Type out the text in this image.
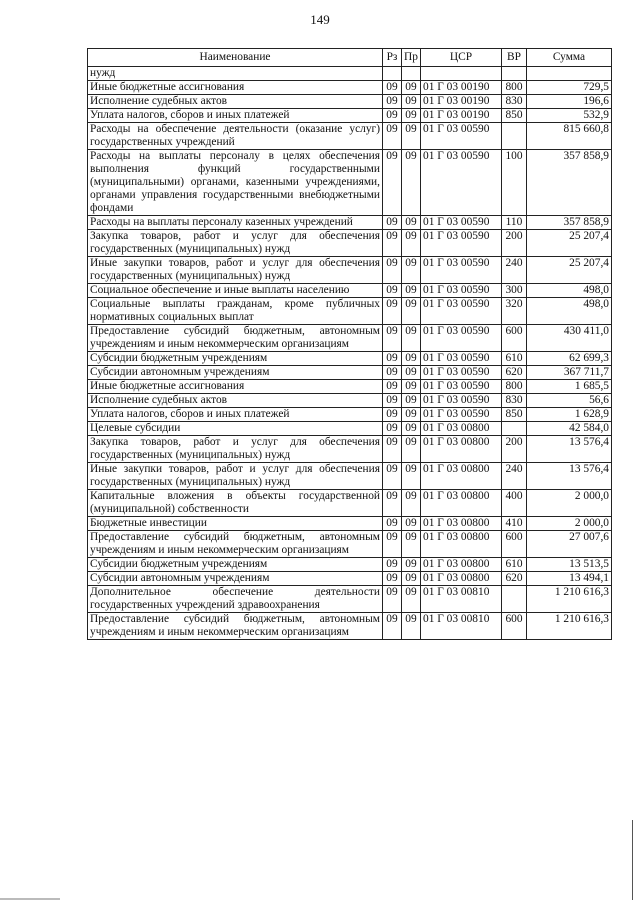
149
Наименование	Рз	Пр	ЦСР	ВР	Сумма
нужд					
Иные бюджетные ассигнования	09	09	01 Г 03 00190	800	729,5
Исполнение судебных актов	09	09	01 Г 03 00190	830	196,6
Уплата налогов, сборов и иных платежей	09	09	01 Г 03 00190	850	532,9
Расходы на обеспечение деятельности (оказание услуг) государственных учреждений	09	09	01 Г 03 00590		815 660,8
Расходы на выплаты персоналу в целях обеспечения выполнения функций государственными (муниципальными) органами, казенными учреждениями, органами управления государственными внебюджетными фондами	09	09	01 Г 03 00590	100	357 858,9
Расходы на выплаты персоналу казенных учреждений	09	09	01 Г 03 00590	110	357 858,9
Закупка товаров, работ и услуг для обеспечения государственных (муниципальных) нужд	09	09	01 Г 03 00590	200	25 207,4
Иные закупки товаров, работ и услуг для обеспечения государственных (муниципальных) нужд	09	09	01 Г 03 00590	240	25 207,4
Социальное обеспечение и иные выплаты населению	09	09	01 Г 03 00590	300	498,0
Социальные выплаты гражданам, кроме публичных нормативных социальных выплат	09	09	01 Г 03 00590	320	498,0
Предоставление субсидий бюджетным, автономным учреждениям и иным некоммерческим организациям	09	09	01 Г 03 00590	600	430 411,0
Субсидии бюджетным учреждениям	09	09	01 Г 03 00590	610	62 699,3
Субсидии автономным учреждениям	09	09	01 Г 03 00590	620	367 711,7
Иные бюджетные ассигнования	09	09	01 Г 03 00590	800	1 685,5
Исполнение судебных актов	09	09	01 Г 03 00590	830	56,6
Уплата налогов, сборов и иных платежей	09	09	01 Г 03 00590	850	1 628,9
Целевые субсидии	09	09	01 Г 03 00800		42 584,0
Закупка товаров, работ и услуг для обеспечения государственных (муниципальных) нужд	09	09	01 Г 03 00800	200	13 576,4
Иные закупки товаров, работ и услуг для обеспечения государственных (муниципальных) нужд	09	09	01 Г 03 00800	240	13 576,4
Капитальные вложения в объекты государственной (муниципальной) собственности	09	09	01 Г 03 00800	400	2 000,0
Бюджетные инвестиции	09	09	01 Г 03 00800	410	2 000,0
Предоставление субсидий бюджетным, автономным учреждениям и иным некоммерческим организациям	09	09	01 Г 03 00800	600	27 007,6
Субсидии бюджетным учреждениям	09	09	01 Г 03 00800	610	13 513,5
Субсидии автономным учреждениям	09	09	01 Г 03 00800	620	13 494,1
Дополнительное обеспечение деятельности государственных учреждений здравоохранения	09	09	01 Г 03 00810		1 210 616,3
Предоставление субсидий бюджетным, автономным учреждениям и иным некоммерческим организациям	09	09	01 Г 03 00810	600	1 210 616,3
